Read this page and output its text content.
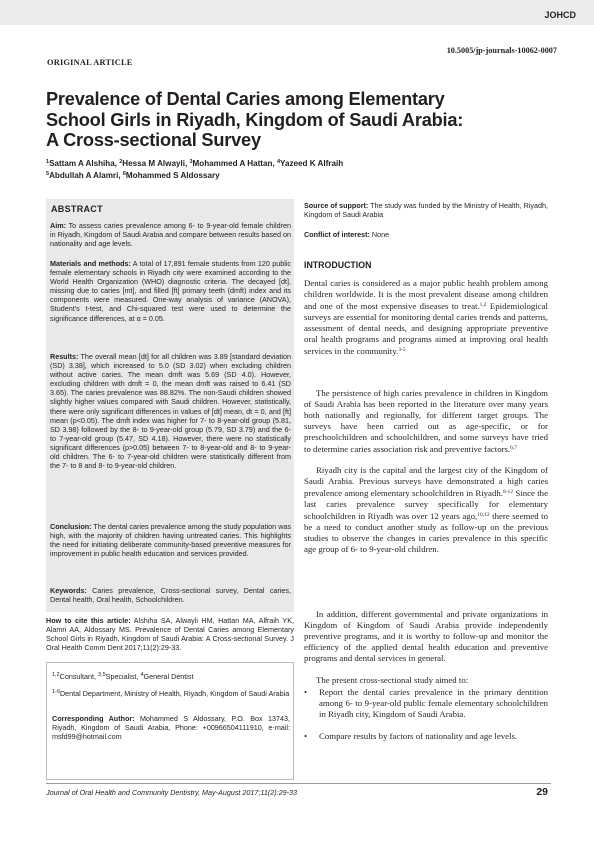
JOHCD
10.5005/jp-journals-10062-0007
ORIGINAL ARTICLE
Prevalence of Dental Caries among Elementary
School Girls in Riyadh, Kingdom of Saudi Arabia:
A Cross-sectional Survey
$^1$Sattam A Alshiha, $^2$Hessa M Alwayli, $^3$Mohammed A Hattan, $^4$Yazeed K Alfraih
$^5$Abdullah A Alamri, $^6$Mohammed S Aldossary
ABSTRACT
Aim: To assess caries prevalence among 6- to 9-year-old female children in Riyadh, Kingdom of Saudi Arabia and compare between results based on nationality and age levels.
Materials and methods: A total of 17,891 female students from 120 public female elementary schools in Riyadh city were examined according to the World Health Organization (WHO) diagnostic criteria. The decayed [dt], missing due to caries [mt], and filled [ft] primary teeth (dmft) index and its components were measured. One-way analysis of variance (ANOVA), Student's t-test, and Chi-squared test were used to determine the significance differences, at α = 0.05.
Results: The overall mean [dt] for all children was 3.89 [standard deviation (SD) 3.38], which increased to 5.0 (SD 3.02) when excluding children without active caries. The mean dmft was 5.69 (SD 4.0). However, excluding children with dmft = 0, the mean dmft was raised to 6.41 (SD 3.65). The caries prevalence was 88.82%. The non-Saudi children showed slightly higher values compared with Saudi children. However, statistically, there were only significant differences in values of [dt] mean, dt = 0, and [ft] mean (p<0.05). The dmft index was higher for 7- to 8-year-old group (5.81, SD 3.98) followed by the 8- to 9-year-old group (5.79, SD 3.79) and the 6- to 7-year-old group (5.47, SD 4.18). However, there were no statistically significant differences (p>0.05) between 7- to 8-year-old and 8- to 9-year-old children. The 6- to 7-year-old children were statistically different from the 7- to 8 and 8- to 9-year-old children.
Conclusion: The dental caries prevalence among the study population was high, with the majority of children having untreated caries. This highlights the need for initiating deliberate community-based preventive measures for improvement in public health education and services provided.
Keywords: Caries prevalence, Cross-sectional survey, Dental caries, Dental health, Oral health, Schoolchildren.
How to cite this article: Alshiha SA, Alwayli HM, Hattan MA, Alfraih YK, Alamri AA, Aldossary MS. Prevalence of Dental Caries among Elementary School Girls in Riyadh, Kingdom of Saudi Arabia: A Cross-sectional Survey. J Oral Health Comm Dent 2017;11(2):29-33.
$^{1,2}$Consultant, $^{3,5}$Specialist, $^4$General Dentist
$^{1-6}$Dental Department, Ministry of Health, Riyadh, Kingdom of Saudi Arabia
Corresponding Author: Mohammed S Aldossary, P.O. Box 13743, Riyadh, Kingdom of Saudi Arabia, Phone: +00966504111910, e-mail: msfd99@hotmail.com
Source of support: The study was funded by the Ministry of Health, Riyadh, Kingdom of Saudi Arabia
Conflict of interest: None
INTRODUCTION
Dental caries is considered as a major public health problem among children worldwide. It is the most prevalent disease among children and one of the most expensive diseases to treat.$^{1,2}$ Epidemiological surveys are essential for monitoring dental caries trends and patterns, assessment of dental needs, and designing appropriate preventive oral health programs and programs aimed at improving oral health services in the community.$^{3-5}$
The persistence of high caries prevalence in children in Kingdom of Saudi Arabia has been reported in the literature over many years both nationally and regionally, for different target groups. The surveys have been carried out as age-specific, or for preschoolchildren and schoolchildren, and some surveys have tried to determine caries association risk and preventive factors.$^{6,7}$
Riyadh city is the capital and the largest city of the Kingdom of Saudi Arabia. Previous surveys have demonstrated a high caries prevalence among elementary schoolchildren in Riyadh.$^{8-12}$ Since the last caries prevalence survey specifically for elementary schoolchildren in Riyadh was over 12 years ago,$^{10,12}$ there seemed to be a need to conduct another study as follow-up on the previous studies to observe the changes in caries prevalence in this specific age group of 6- to 9-year-old children.
In addition, different governmental and private organizations in Kingdom of Kingdom of Saudi Arabia provide independently preventive programs, and it is worthy to follow-up and monitor the efficiency of the applied dental health education and preventive programs and dental services in general.
The present cross-sectional study aimed to:
• Report the dental caries prevalence in the primary dentition among 6- to 9-year-old public female elementary schoolchildren in Riyadh city, Kingdom of Saudi Arabia.
• Compare results by factors of nationality and age levels.
Journal of Oral Health and Community Dentistry, May-August 2017;11(2):29-33	29
